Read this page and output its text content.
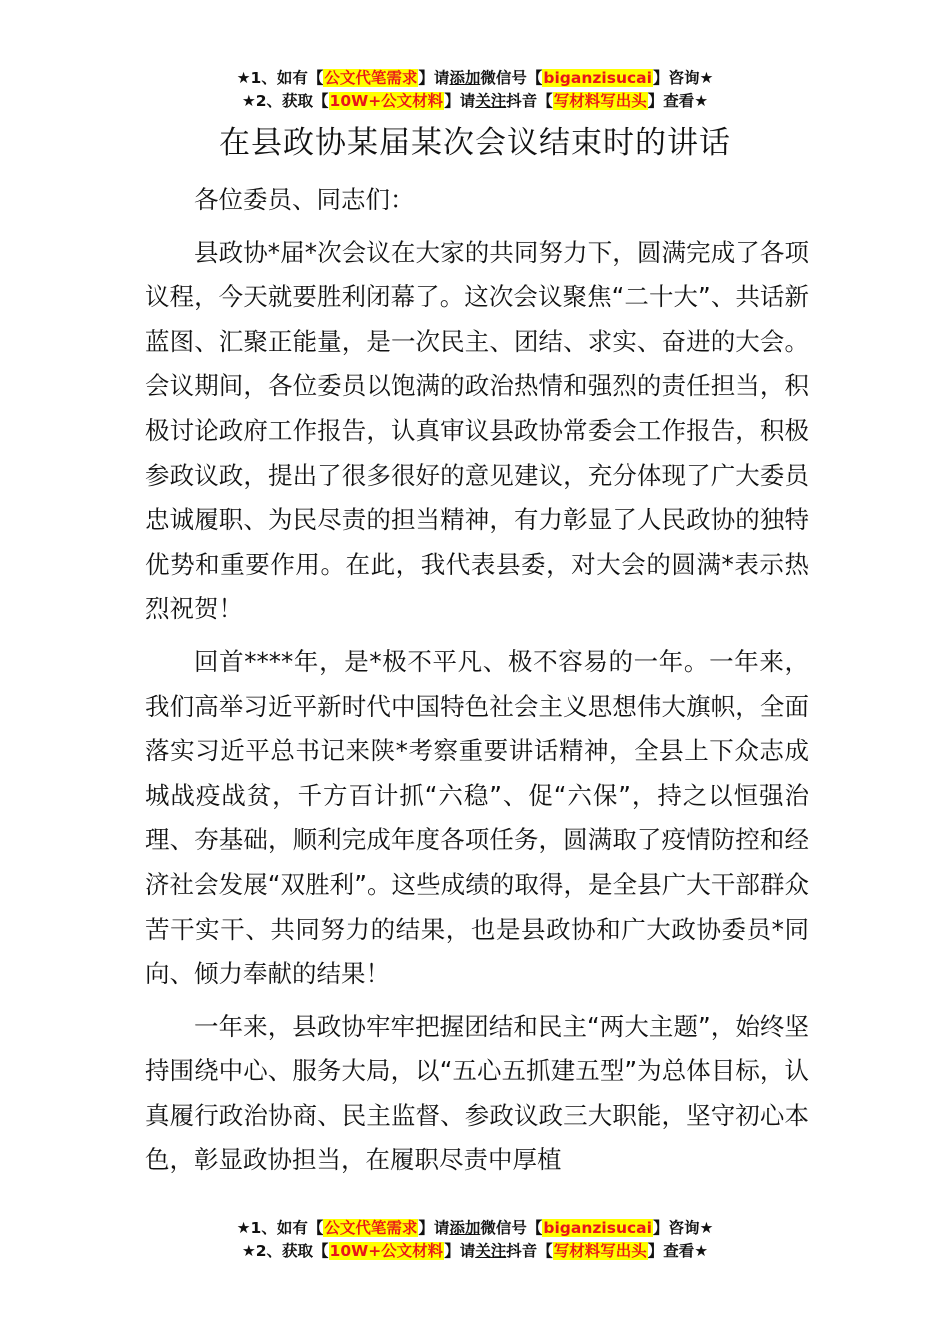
★1、如有【公文代笔需求】请添加微信号【biganzisucai】咨询★
★2、获取【10W+公文材料】请关注抖音【写材料写出头】查看★
在县政协某届某次会议结束时的讲话

各位委员、同志们：

县政协*届*次会议在大家的共同努力下，圆满完成了各项议程，今天就要胜利闭幕了。这次会议聚焦“二十大”、共话新蓝图、汇聚正能量，是一次民主、团结、求实、奋进的大会。会议期间，各位委员以饱满的政治热情和强烈的责任担当，积极讨论政府工作报告，认真审议县政协常委会工作报告，积极参政议政，提出了很多很好的意见建议，充分体现了广大委员忠诚履职、为民尽责的担当精神，有力彰显了人民政协的独特优势和重要作用。在此，我代表县委，对大会的圆满*表示热烈祝贺！

回首****年，是*极不平凡、极不容易的一年。一年来，我们高举习近平新时代中国特色社会主义思想伟大旗帜，全面落实习近平总书记来陕*考察重要讲话精神，全县上下众志成城战疫战贫，千方百计抓“六稳”、促“六保”，持之以恒强治理、夯基础，顺利完成年度各项任务，圆满取了疫情防控和经济社会发展“双胜利”。这些成绩的取得，是全县广大干部群众苦干实干、共同努力的结果，也是县政协和广大政协委员*同向、倾力奉献的结果！

一年来，县政协牢牢把握团结和民主“两大主题”，始终坚持围绕中心、服务大局，以“五心五抓建五型”为总体目标，认真履行政治协商、民主监督、参政议政三大职能，坚守初心本色，彰显政协担当，在履职尽责中厚植

★1、如有【公文代笔需求】请添加微信号【biganzisucai】咨询★
★2、获取【10W+公文材料】请关注抖音【写材料写出头】查看★
